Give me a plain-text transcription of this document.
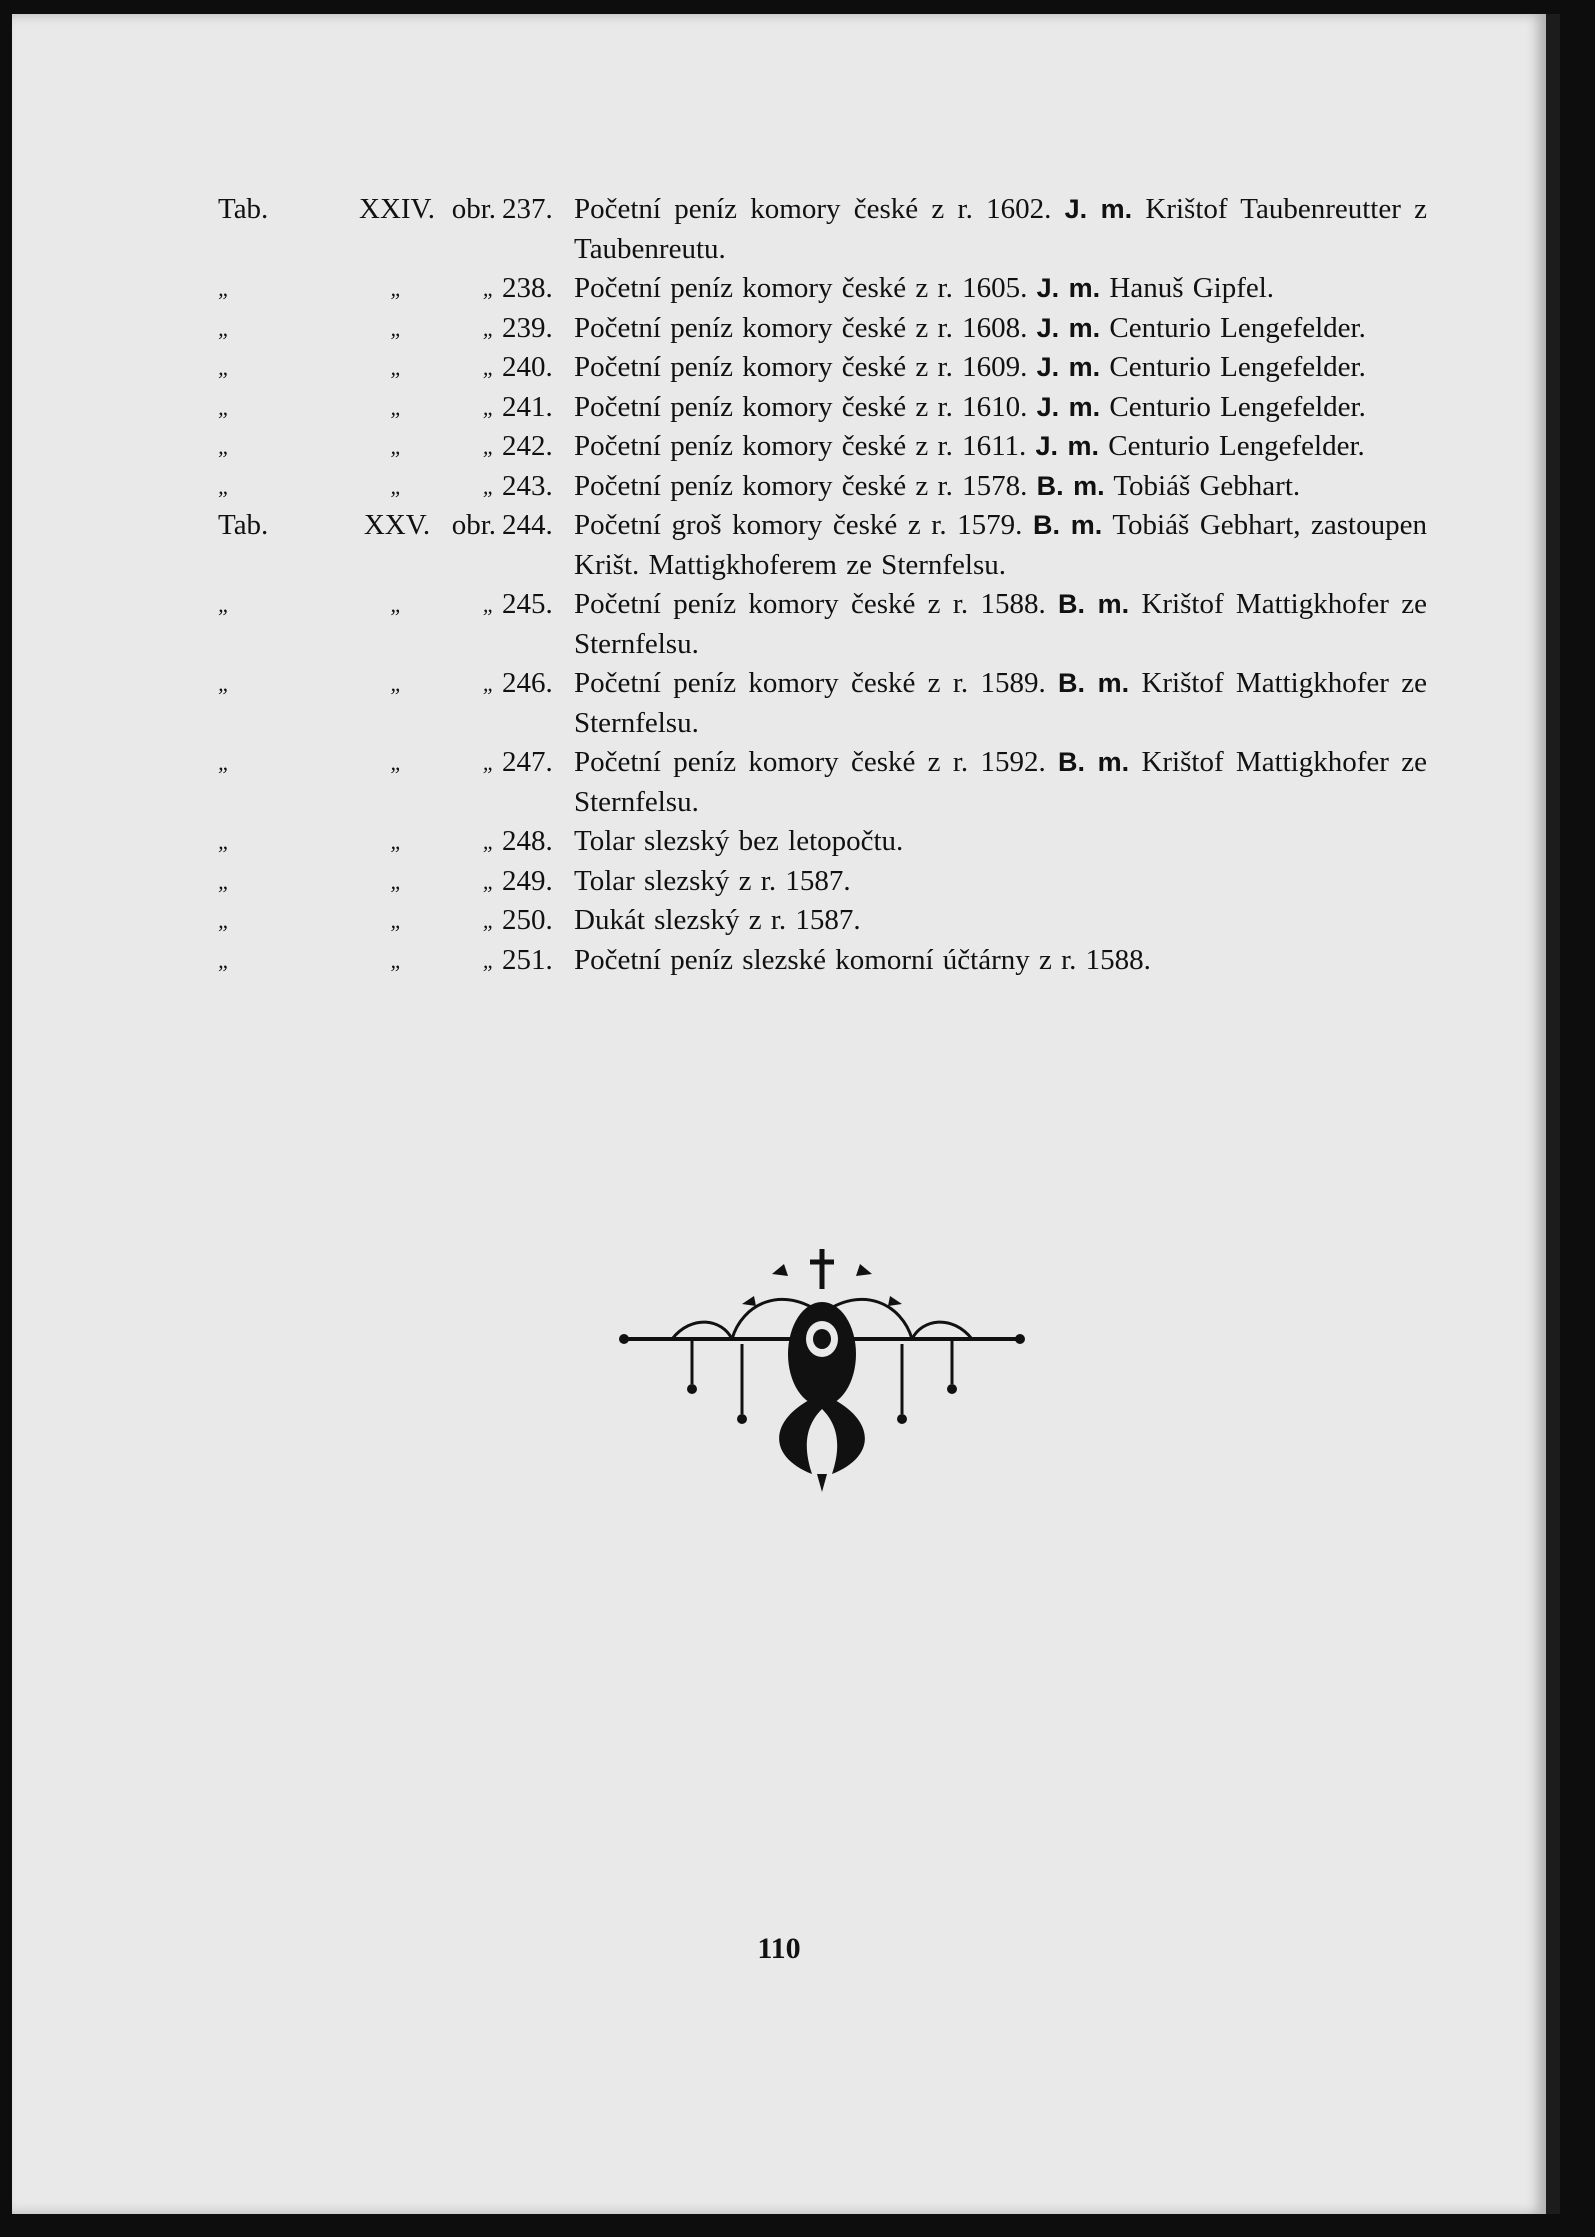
Tab.	XXIV. obr. 237. Početní peníz komory české z r. 1602. J. m. Krištof Taubenreutter z Taubenreutu.
„	„	„ 238. Početní peníz komory české z r. 1605. J. m. Hanuš Gipfel.
„	„	„ 239. Početní peníz komory české z r. 1608. J. m. Centurio Lengefelder.
„	„	„ 240. Početní peníz komory české z r. 1609. J. m. Centurio Lengefelder.
„	„	„ 241. Početní peníz komory české z r. 1610. J. m. Centurio Lengefelder.
„	„	„ 242. Početní peníz komory české z r. 1611. J. m. Centurio Lengefelder.
„	„	„ 243. Početní peníz komory české z r. 1578. B. m. Tobiáš Gebhart.
Tab.	XXV. obr. 244. Početní groš komory české z r. 1579. B. m. Tobiáš Gebhart, zastoupen Krišt. Mattigkhoferem ze Sternfelsu.
„	„	„ 245. Početní peníz komory české z r. 1588. B. m. Krištof Mattigkhofer ze Sternfelsu.
„	„	„ 246. Početní peníz komory české z r. 1589. B. m. Krištof Mattigkhofer ze Sternfelsu.
„	„	„ 247. Početní peníz komory české z r. 1592. B. m. Krištof Mattigkhofer ze Sternfelsu.
„	„	„ 248. Tolar slezský bez letopočtu.
„	„	„ 249. Tolar slezský z r. 1587.
„	„	„ 250. Dukát slezský z r. 1587.
„	„	„ 251. Početní peníz slezské komorní účtárny z r. 1588.
110
